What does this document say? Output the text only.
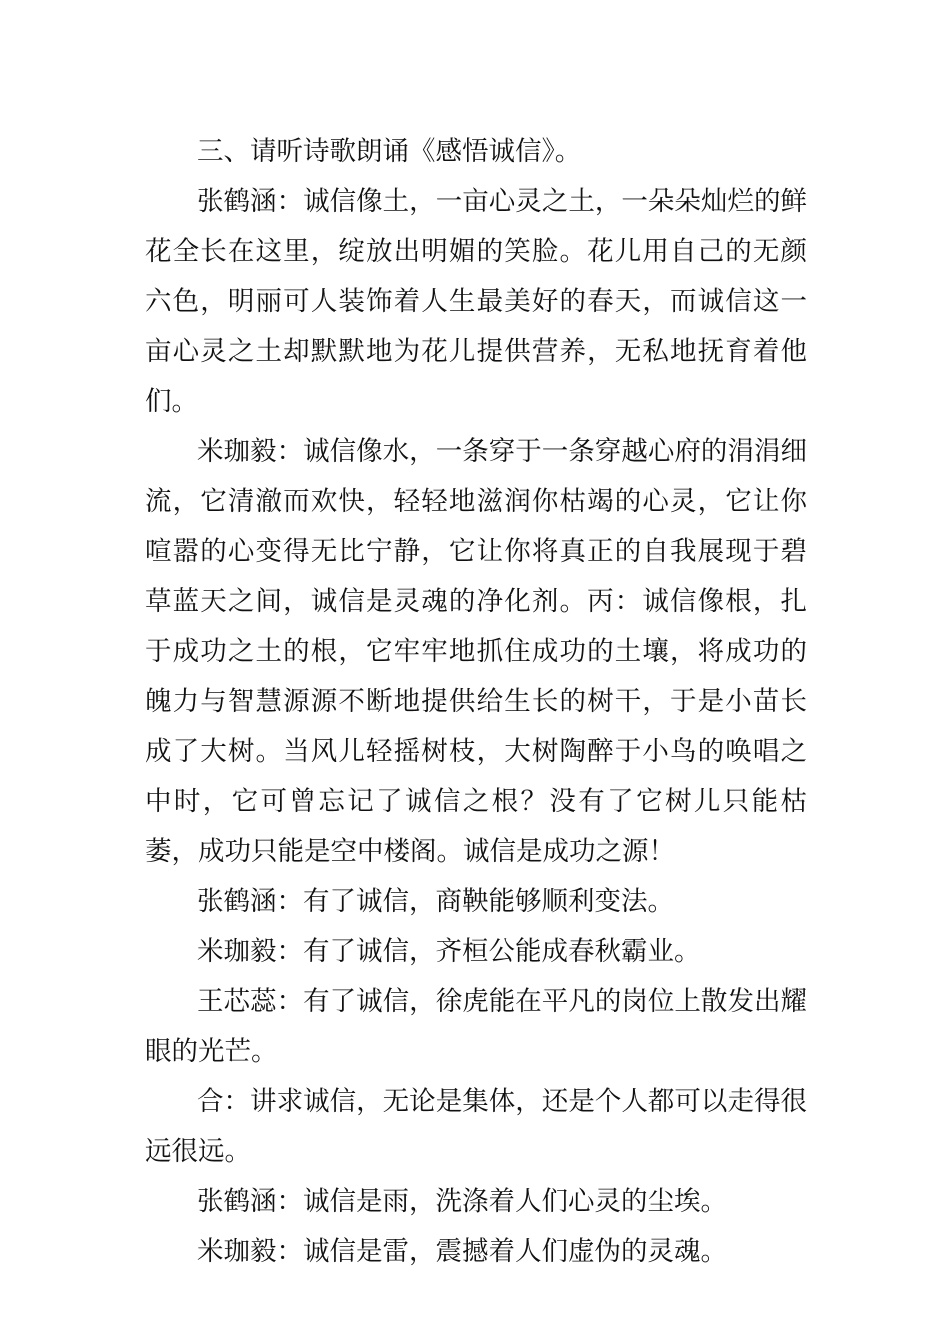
三、请听诗歌朗诵《感悟诚信》。

张鹤涵：诚信像土，一亩心灵之土，一朵朵灿烂的鲜花全长在这里，绽放出明媚的笑脸。花儿用自己的无颜六色，明丽可人装饰着人生最美好的春天，而诚信这一亩心灵之土却默默地为花儿提供营养，无私地抚育着他们。

米珈毅：诚信像水，一条穿于一条穿越心府的涓涓细流，它清澈而欢快，轻轻地滋润你枯竭的心灵，它让你喧嚣的心变得无比宁静，它让你将真正的自我展现于碧草蓝天之间，诚信是灵魂的净化剂。丙：诚信像根，扎于成功之土的根，它牢牢地抓住成功的土壤，将成功的魄力与智慧源源不断地提供给生长的树干，于是小苗长成了大树。当风儿轻摇树枝，大树陶醉于小鸟的唤唱之中时，它可曾忘记了诚信之根？没有了它树儿只能枯萎，成功只能是空中楼阁。诚信是成功之源！

张鹤涵：有了诚信，商鞅能够顺利变法。

米珈毅：有了诚信，齐桓公能成春秋霸业。

王芯蕊：有了诚信，徐虎能在平凡的岗位上散发出耀眼的光芒。

合：讲求诚信，无论是集体，还是个人都可以走得很远很远。

张鹤涵：诚信是雨，洗涤着人们心灵的尘埃。

米珈毅：诚信是雷，震撼着人们虚伪的灵魂。
